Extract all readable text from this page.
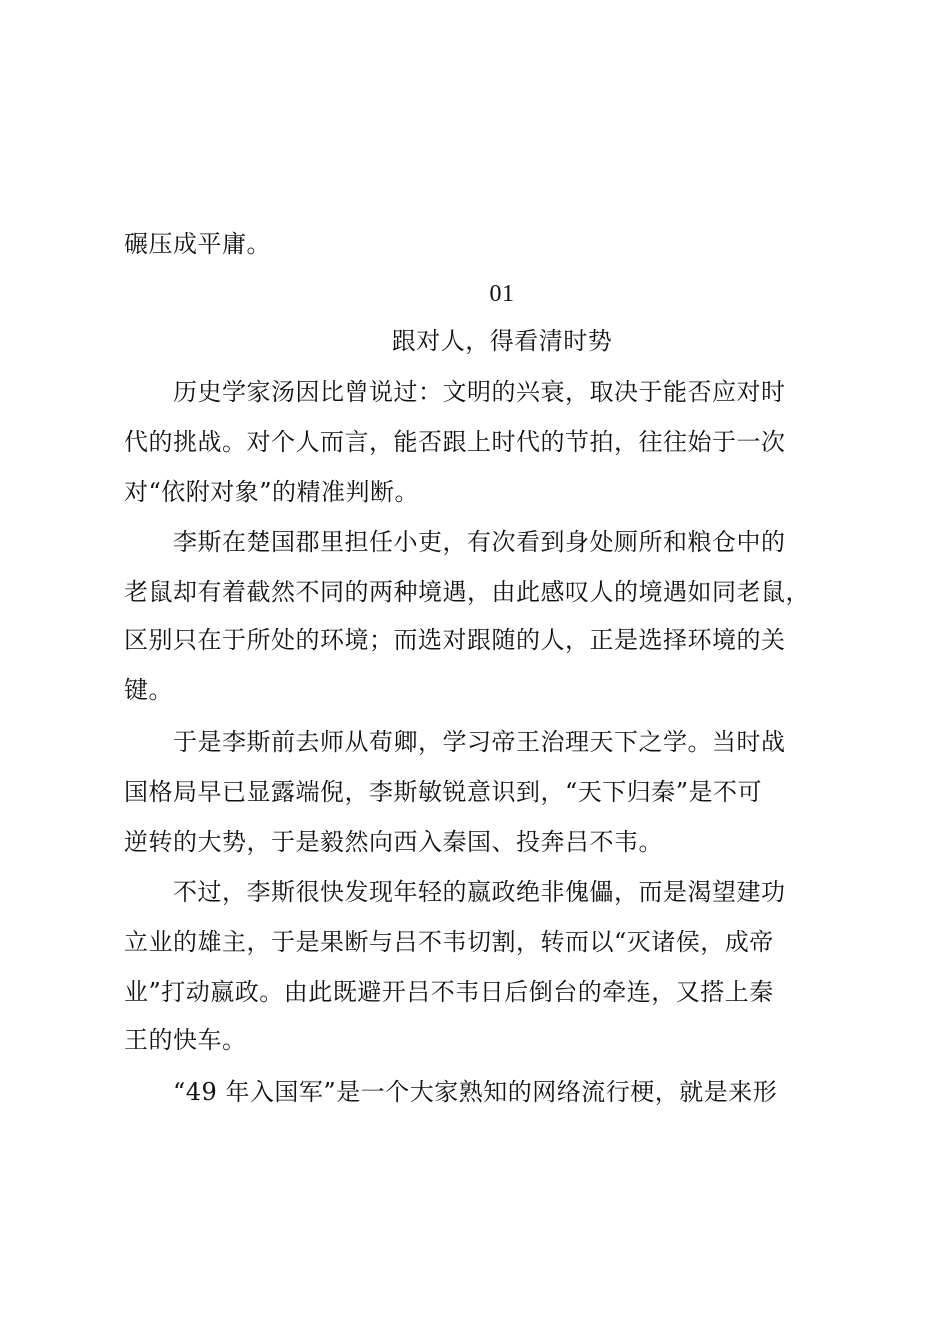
碾压成平庸。
01
跟对人，得看清时势
历史学家汤因比曾说过：文明的兴衰，取决于能否应对时
代的挑战。对个人而言，能否跟上时代的节拍，往往始于一次
对“依附对象”的精准判断。
李斯在楚国郡里担任小吏，有次看到身处厕所和粮仓中的
老鼠却有着截然不同的两种境遇，由此感叹人的境遇如同老鼠，
区别只在于所处的环境；而选对跟随的人，正是选择环境的关
键。
于是李斯前去师从荀卿，学习帝王治理天下之学。当时战
国格局早已显露端倪，李斯敏锐意识到，“天下归秦”是不可
逆转的大势，于是毅然向西入秦国、投奔吕不韦。
不过，李斯很快发现年轻的嬴政绝非傀儡，而是渴望建功
立业的雄主，于是果断与吕不韦切割，转而以“灭诸侯，成帝
业”打动嬴政。由此既避开吕不韦日后倒台的牵连，又搭上秦
王的快车。
“49 年入国军”是一个大家熟知的网络流行梗，就是来形
